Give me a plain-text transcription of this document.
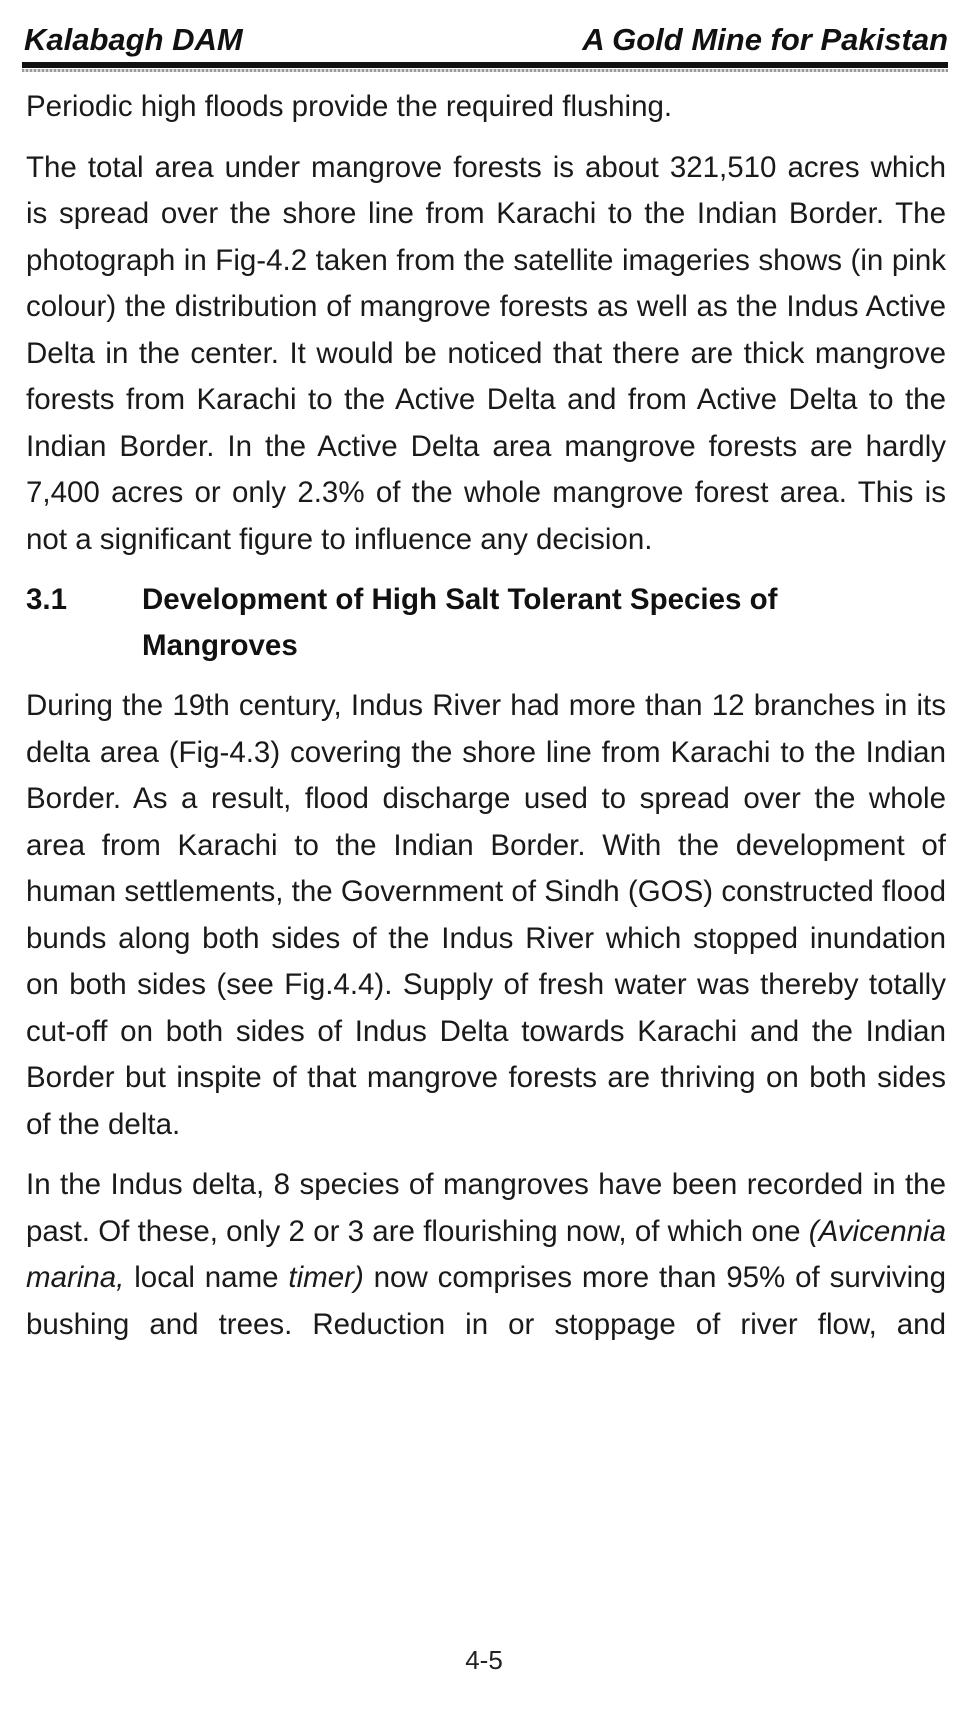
Kalabagh DAM	A Gold Mine for Pakistan

Periodic high floods provide the required flushing.

The total area under mangrove forests is about 321,510 acres which is spread over the shore line from Karachi to the Indian Border. The photograph in Fig-4.2 taken from the satellite imageries shows (in pink colour) the distribution of mangrove forests as well as the Indus Active Delta in the center. It would be noticed that there are thick mangrove forests from Karachi to the Active Delta and from Active Delta to the Indian Border. In the Active Delta area mangrove forests are hardly 7,400 acres or only 2.3% of the whole mangrove forest area. This is not a significant figure to influence any decision.

3.1	Development of High Salt Tolerant Species of Mangroves

During the 19th century, Indus River had more than 12 branches in its delta area (Fig-4.3) covering the shore line from Karachi to the Indian Border. As a result, flood discharge used to spread over the whole area from Karachi to the Indian Border. With the development of human settlements, the Government of Sindh (GOS) constructed flood bunds along both sides of the Indus River which stopped inundation on both sides (see Fig.4.4). Supply of fresh water was thereby totally cut-off on both sides of Indus Delta towards Karachi and the Indian Border but inspite of that mangrove forests are thriving on both sides of the delta.

In the Indus delta, 8 species of mangroves have been recorded in the past. Of these, only 2 or 3 are flourishing now, of which one (Avicennia marina, local name timer) now comprises more than 95% of surviving bushing and trees. Reduction in or stoppage of river flow, and

4-5
